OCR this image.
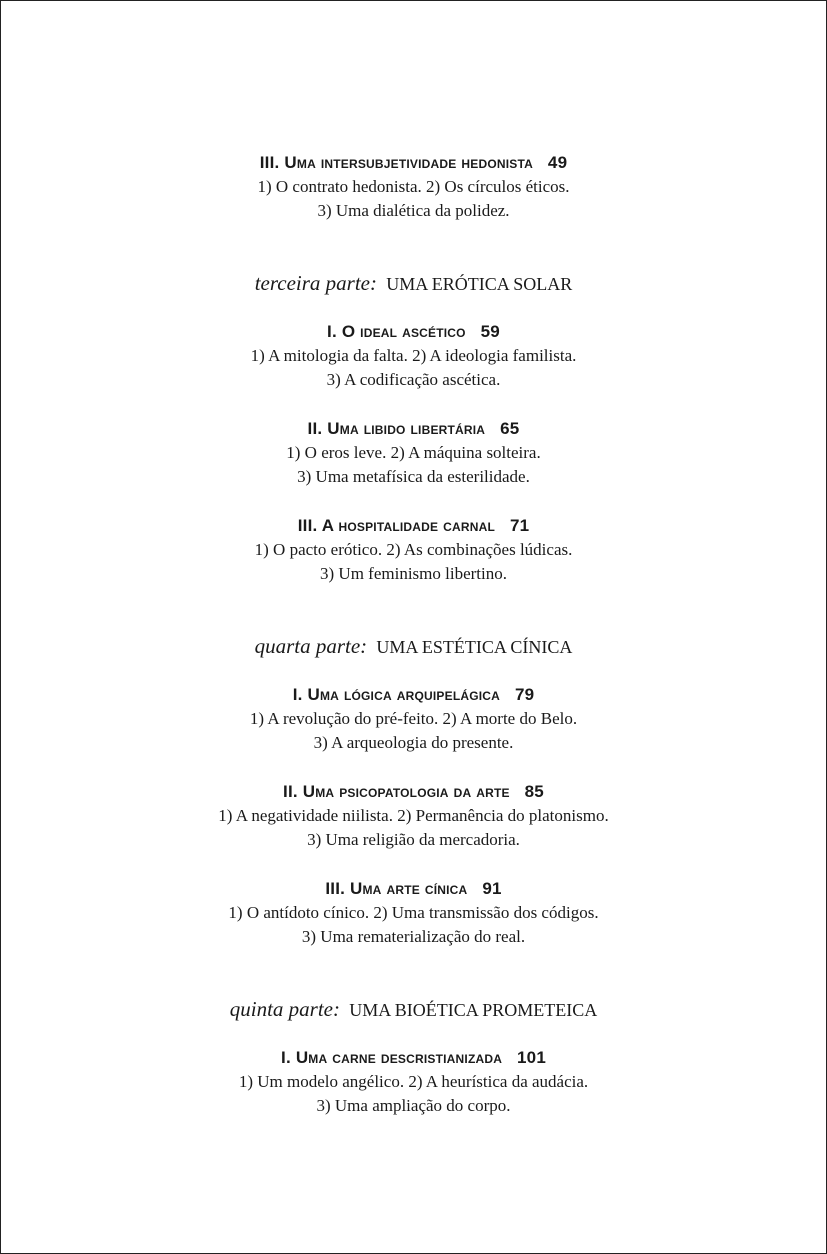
III. Uma intersubjetividade hedonista 49
1) O contrato hedonista. 2) Os círculos éticos.
3) Uma dialética da polidez.
terceira parte: UMA ERÓTICA SOLAR
I. O ideal ascético 59
1) A mitologia da falta. 2) A ideologia familista.
3) A codificação ascética.
II. Uma libido libertária 65
1) O eros leve. 2) A máquina solteira.
3) Uma metafísica da esterilidade.
III. A hospitalidade carnal 71
1) O pacto erótico. 2) As combinações lúdicas.
3) Um feminismo libertino.
quarta parte: UMA ESTÉTICA CÍNICA
I. Uma lógica arquipelágica 79
1) A revolução do pré-feito. 2) A morte do Belo.
3) A arqueologia do presente.
II. Uma psicopatologia da arte 85
1) A negatividade niilista. 2) Permanência do platonismo.
3) Uma religião da mercadoria.
III. Uma arte cínica 91
1) O antídoto cínico. 2) Uma transmissão dos códigos.
3) Uma rematerialização do real.
quinta parte: UMA BIOÉTICA PROMETEICA
I. Uma carne descristianizada 101
1) Um modelo angélico. 2) A heurística da audácia.
3) Uma ampliação do corpo.
